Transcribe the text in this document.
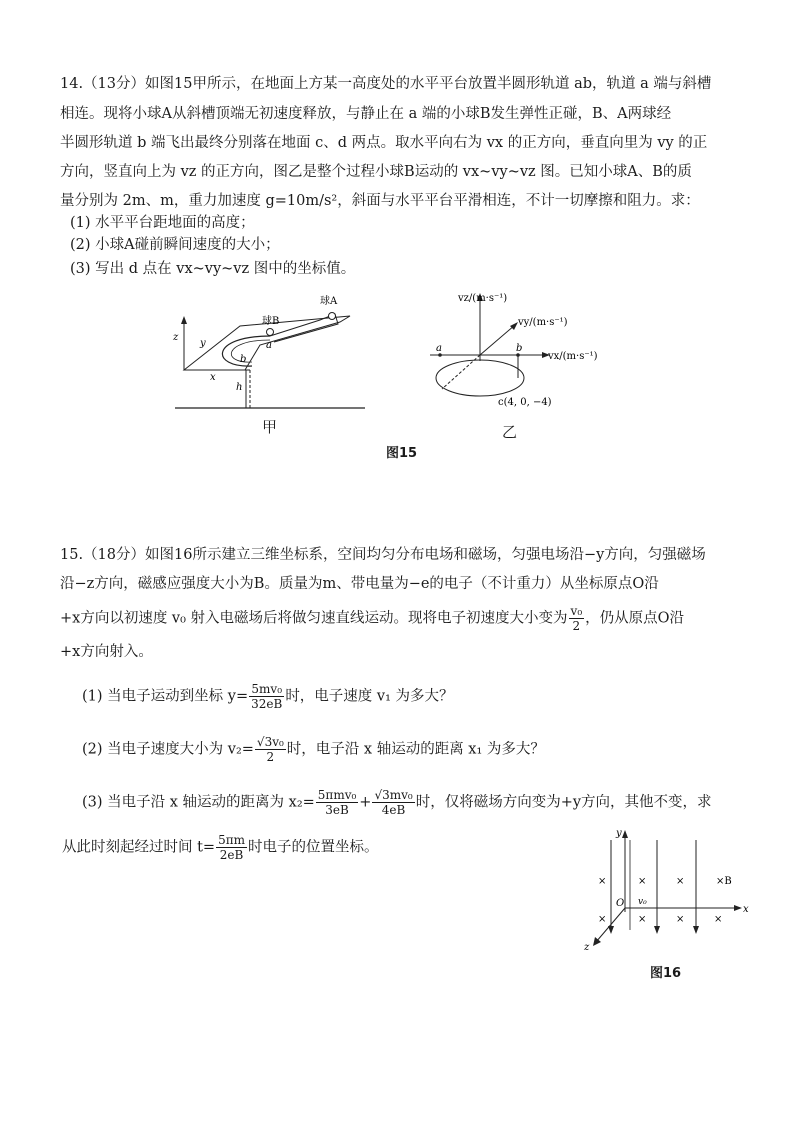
14.（13分）如图15甲所示，在地面上方某一高度处的水平平台放置半圆形轨道 ab，轨道 a 端与斜槽
相连。现将小球A从斜槽顶端无初速度释放，与静止在 a 端的小球B发生弹性正碰，B、A两球经
半圆形轨道 b 端飞出最终分别落在地面 c、d 两点。取水平向右为 vx 的正方向，垂直向里为 vy 的正
方向，竖直向上为 vz 的正方向，图乙是整个过程小球B运动的 vx~vy~vz 图。已知小球A、B的质
量分别为 2m、m，重力加速度 g=10m/s²，斜面与水平平台平滑相连，不计一切摩擦和阻力。求：
(1) 水平平台距地面的高度；
(2) 小球A碰前瞬间速度的大小；
(3) 写出 d 点在 vx~vy~vz 图中的坐标值。
z
y
x
球A
球B
a
b
h
vz/(m·s⁻¹)
vx/(m·s⁻¹)
vy/(m·s⁻¹)
a	b
c(4, 0, −4)
甲	乙
图15
15.（18分）如图16所示建立三维坐标系，空间均匀分布电场和磁场，匀强电场沿−y方向，匀强磁场
沿−z方向，磁感应强度大小为B。质量为m、带电量为−e的电子（不计重力）从坐标原点O沿
+x方向以初速度 v₀ 射入电磁场后将做匀速直线运动。现将电子初速度大小变为 $\frac{\text{v₀}}{2}$ ，仍从原点O沿
+x方向射入。
(1) 当电子运动到坐标 $y= \frac{\text{5mv₀}}{32eB}$ 时，电子速度 v₁ 为多大？
(2) 当电子速度大小为 $v_2= \frac{\text{√3v₀}}{2}$ 时，电子沿 x 轴运动的距离 x₁ 为多大？
(3) 当电子沿 x 轴运动的距离为 $x_2= \frac{\text{5πmv₀}}{3eB} + \frac{\text{√3mv₀}}{4eB}$ 时，仅将磁场方向变为+y方向，其他不变，求
从此时刻起经过时间 $t= \frac{5\pi m}{2eB}$ 时电子的位置坐标。
y
x
z
O
×	×	×	×B
×	×	×	×
v₀
图16
